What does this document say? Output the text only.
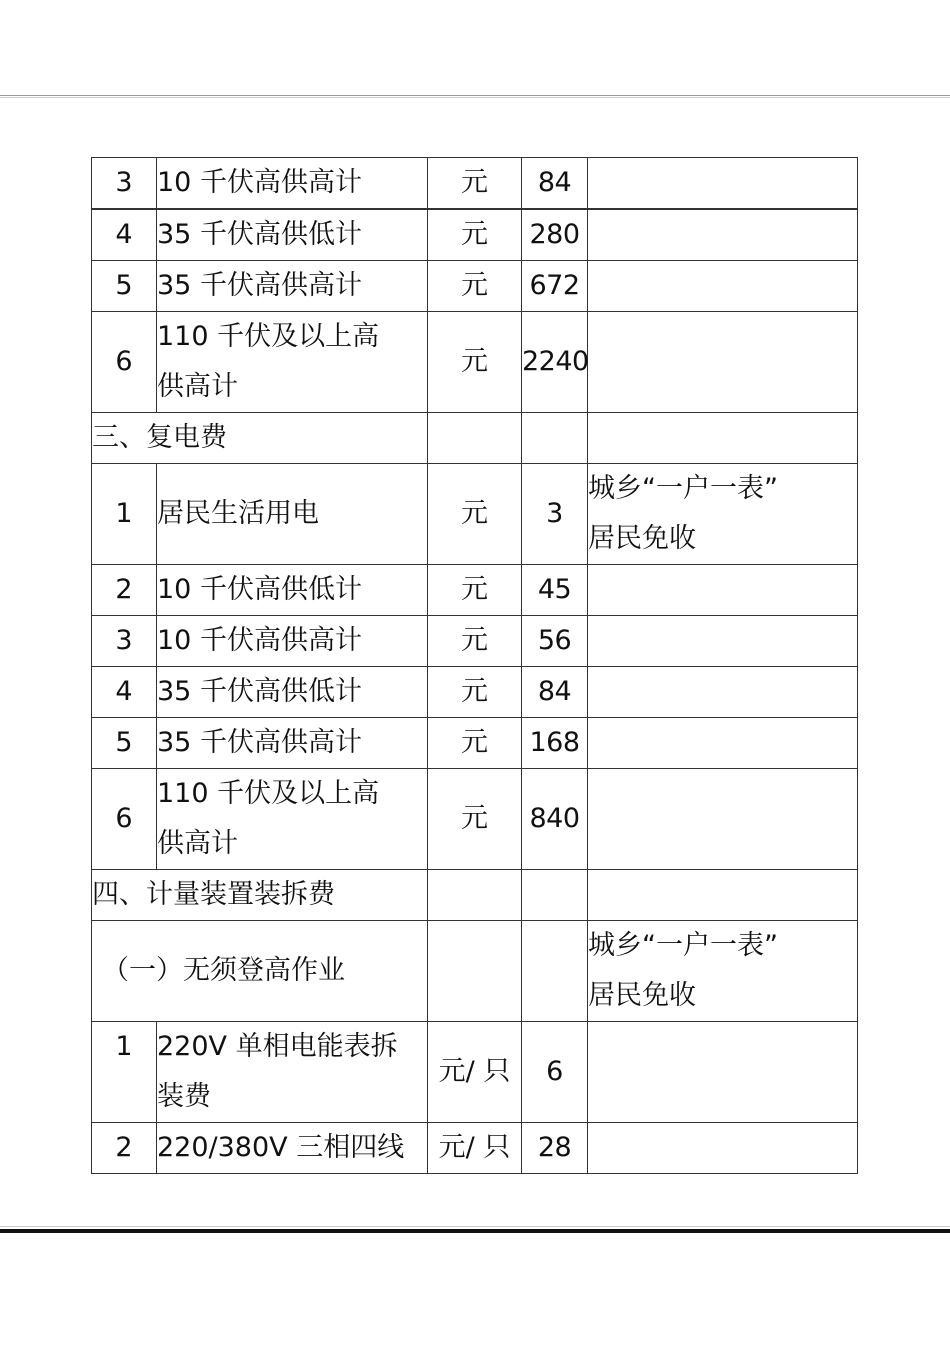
3	10 千伏高供高计	元	84	
4	35 千伏高供低计	元	280	
5	35 千伏高供高计	元	672	
6	110 千伏及以上高
供高计	元	2240	
三、复电费				
1	居民生活用电	元	3	城乡“一户一表”
居民免收

2	10 千伏高供低计	元	45	
3	10 千伏高供高计	元	56	
4	35 千伏高供低计	元	84	
5	35 千伏高供高计	元	168	
6	110 千伏及以上高
供高计	元	840	
四、计量装置装拆费				
（一）无须登高作业				城乡“一户一表”
居民免收

1	220V 单相电能表拆
装费	元/ 只	6	
2	220/380V 三相四线	元/ 只	28	
